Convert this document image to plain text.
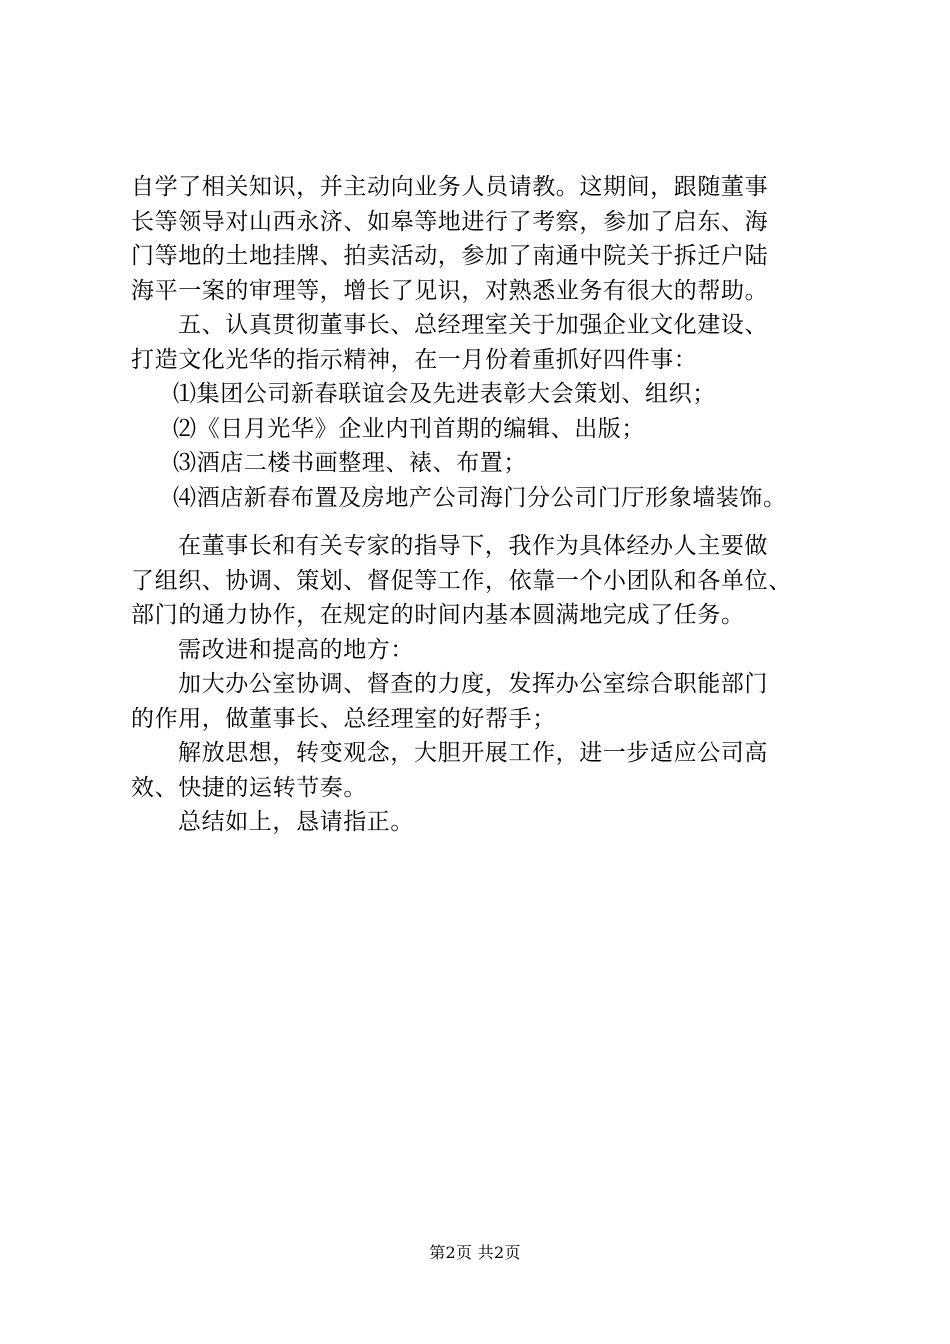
自学了相关知识，并主动向业务人员请教。这期间，跟随董事
长等领导对山西永济、如皋等地进行了考察，参加了启东、海
门等地的土地挂牌、拍卖活动，参加了南通中院关于拆迁户陆
海平一案的审理等，增长了见识，对熟悉业务有很大的帮助。
五、认真贯彻董事长、总经理室关于加强企业文化建设、
打造文化光华的指示精神，在一月份着重抓好四件事：
⑴集团公司新春联谊会及先进表彰大会策划、组织；
⑵《日月光华》企业内刊首期的编辑、出版；
⑶酒店二楼书画整理、裱、布置；
⑷酒店新春布置及房地产公司海门分公司门厅形象墙装饰。
在董事长和有关专家的指导下，我作为具体经办人主要做
了组织、协调、策划、督促等工作，依靠一个小团队和各单位、
部门的通力协作，在规定的时间内基本圆满地完成了任务。
需改进和提高的地方：
加大办公室协调、督查的力度，发挥办公室综合职能部门
的作用，做董事长、总经理室的好帮手；
解放思想，转变观念，大胆开展工作，进一步适应公司高
效、快捷的运转节奏。
总结如上，恳请指正。
第2页 共2页
